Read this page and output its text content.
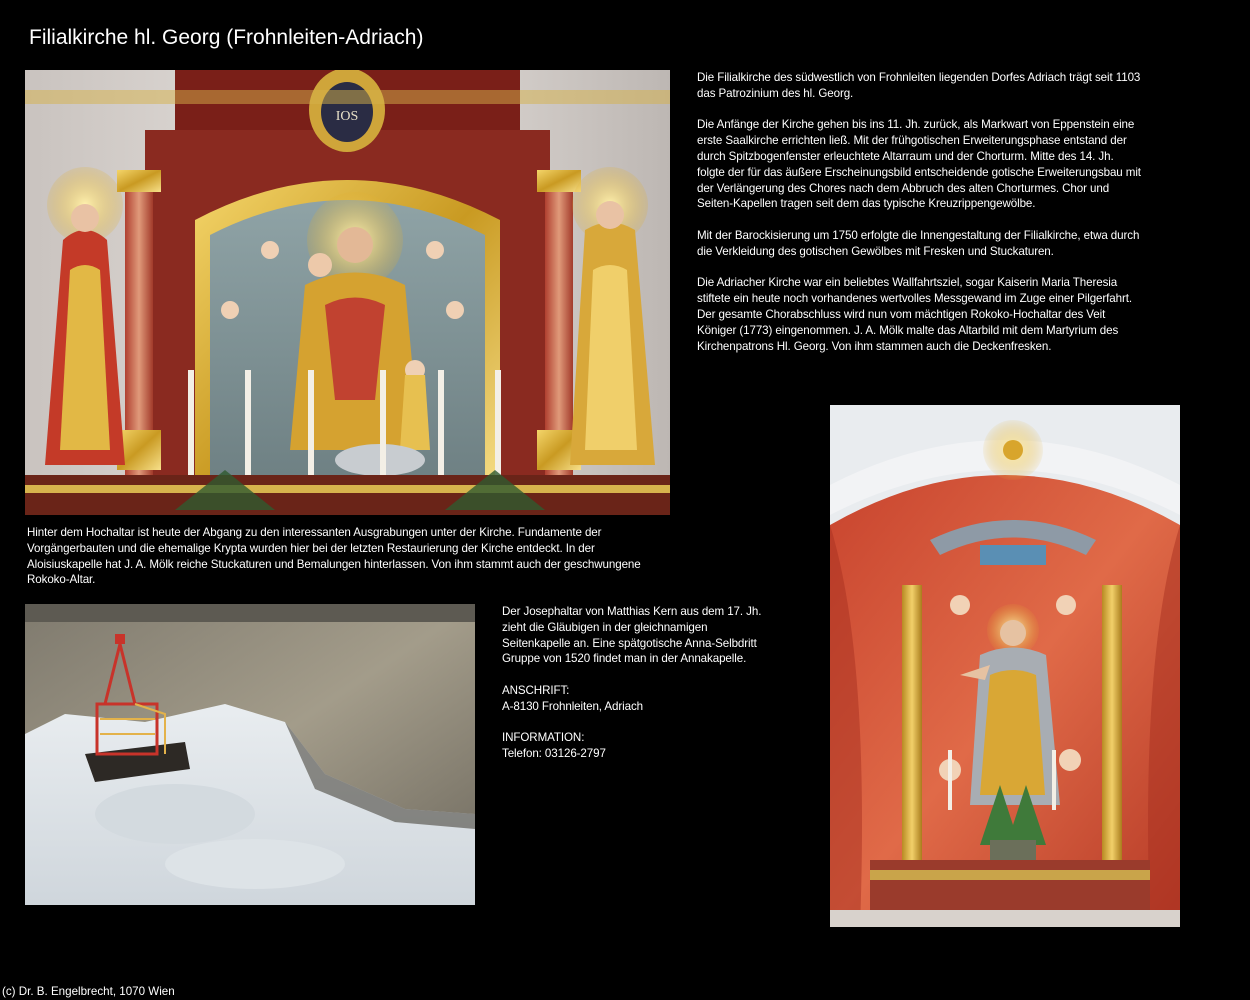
Filialkirche hl. Georg (Frohnleiten-Adriach)
IOS

Die Filialkirche des südwestlich von Frohnleiten liegenden Dorfes Adriach trägt seit 1103 das Patrozinium des hl. Georg.

Die Anfänge der Kirche gehen bis ins 11. Jh. zurück, als Markwart von Eppenstein eine erste Saalkirche errichten ließ. Mit der frühgotischen Erweiterungsphase entstand der durch Spitzbogenfenster erleuchtete Altarraum und der Chorturm. Mitte des 14. Jh. folgte der für das äußere Erscheinungsbild entscheidende gotische Erweiterungsbau mit der Verlängerung des Chores nach dem Abbruch des alten Chorturmes. Chor und Seiten-Kapellen tragen seit dem das typische Kreuzrippengewölbe.

Mit der Barockisierung um 1750 erfolgte die Innengestaltung der Filialkirche, etwa durch die Verkleidung des gotischen Gewölbes mit Fresken und Stuckaturen.

Die Adriacher Kirche war ein beliebtes Wallfahrtsziel, sogar Kaiserin Maria Theresia stiftete ein heute noch vorhandenes wertvolles Messgewand im Zuge einer Pilgerfahrt. Der gesamte Chorabschluss wird nun vom mächtigen Rokoko-Hochaltar des Veit Königer (1773) eingenommen. J. A. Mölk malte das Altarbild mit dem Martyrium des Kirchenpatrons Hl. Georg. Von ihm stammen auch die Deckenfresken.

Hinter dem Hochaltar ist heute der Abgang zu den interessanten Ausgrabungen unter der Kirche. Fundamente der Vorgängerbauten und die ehemalige Krypta wurden hier bei der letzten Restaurierung der Kirche entdeckt. In der Aloisiuskapelle hat J. A. Mölk reiche Stuckaturen und Bemalungen hinterlassen. Von ihm stammt auch der geschwungene Rokoko-Altar.

Der Josephaltar von Matthias Kern aus dem 17. Jh. zieht die Gläubigen in der gleichnamigen Seitenkapelle an. Eine spätgotische Anna-Selbdritt Gruppe von 1520 findet man in der Annakapelle.

ANSCHRIFT:
A-8130 Frohnleiten, Adriach

INFORMATION:
Telefon: 03126-2797

(c) Dr. B. Engelbrecht, 1070 Wien
